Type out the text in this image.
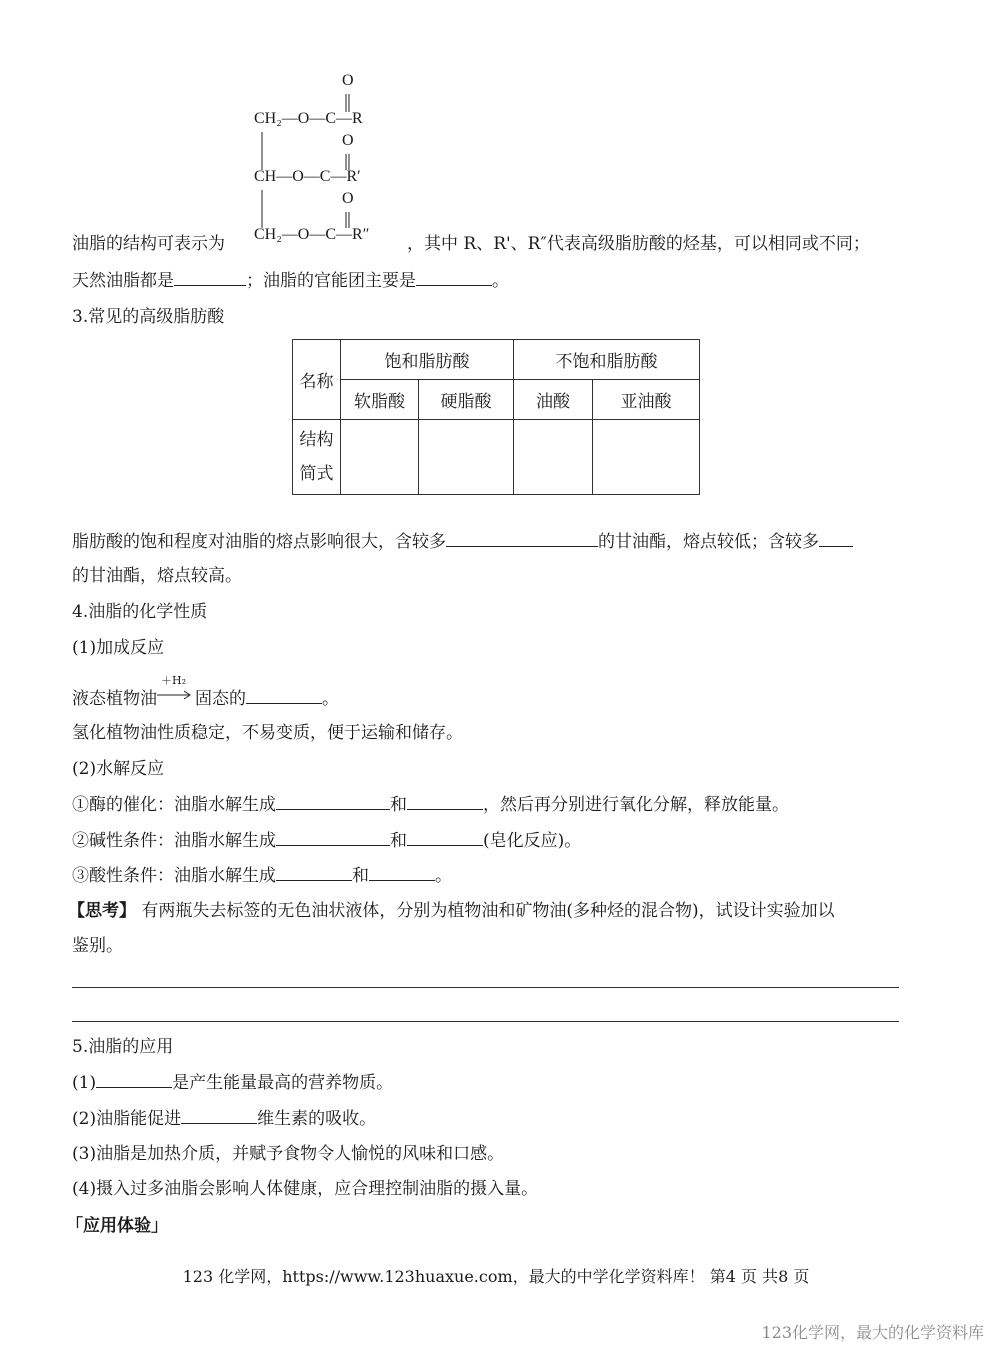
O
CH₂—O—C—R
O
CH—O—C—R′
O
CH₂—O—C—R″
油脂的结构可表示为	，其中 R、R'、R″代表高级脂肪酸的烃基，可以相同或不同；
天然油脂都是	；油脂的官能团主要是	。
3.常见的高级脂肪酸
名称	饱和脂肪酸		不饱和脂肪酸	
	软脂酸	硬脂酸	油酸	亚油酸
结构
简式				
脂肪酸的饱和程度对油脂的熔点影响很大，含较多	的甘油酯，熔点较低；含较多
的甘油酯，熔点较高。
4.油脂的化学性质
(1)加成反应
液态植物油
＋H₂
固态的	。
氢化植物油性质稳定，不易变质，便于运输和储存。
(2)水解反应
①酶的催化：油脂水解生成	和	，然后再分别进行氧化分解，释放能量。
②碱性条件：油脂水解生成	和	(皂化反应)。
③酸性条件：油脂水解生成	和	。
【思考】 有两瓶失去标签的无色油状液体，分别为植物油和矿物油(多种烃的混合物)，试设计实验加以
鉴别。
5.油脂的应用
(1)	是产生能量最高的营养物质。
(2)油脂能促进	维生素的吸收。
(3)油脂是加热介质，并赋予食物令人愉悦的风味和口感。
(4)摄入过多油脂会影响人体健康，应合理控制油脂的摄入量。
「应用体验」
123 化学网，https://www.123huaxue.com，最大的中学化学资料库！ 第4 页 共8 页
123化学网，最大的化学资料库
